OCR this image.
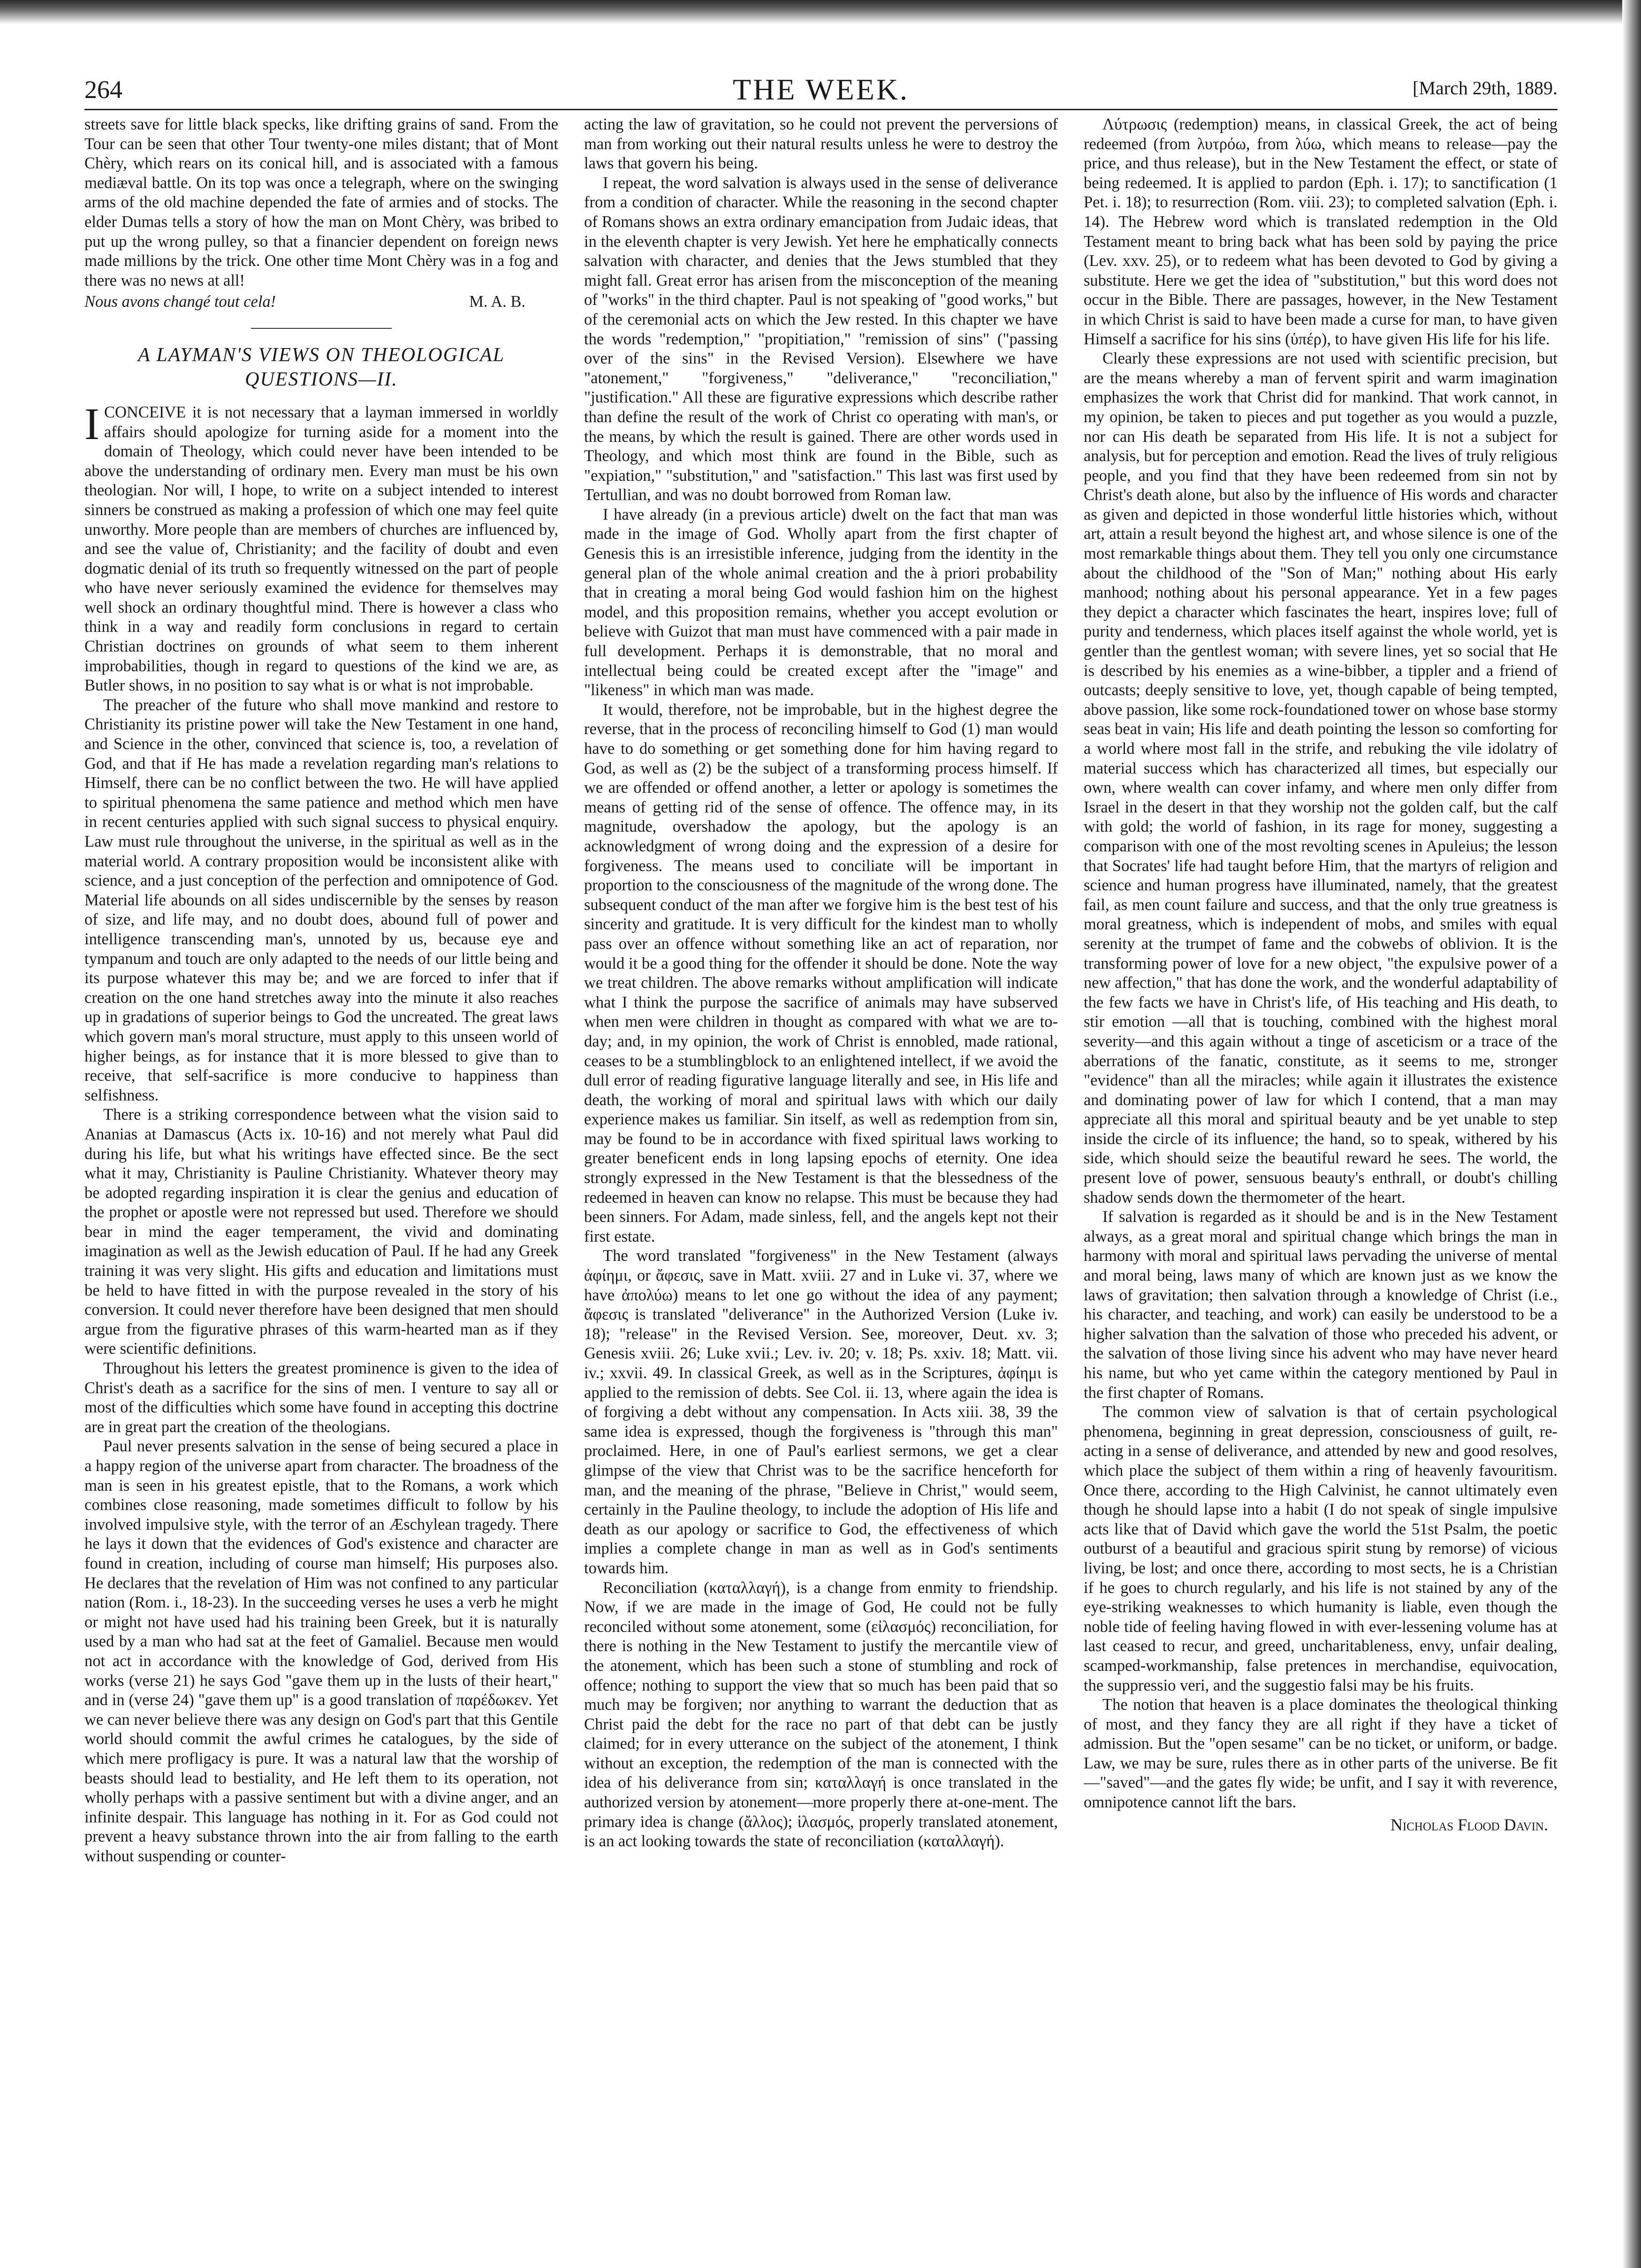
264	THE WEEK.	[March 29th, 1889.

streets save for little black specks, like drifting grains of sand. From the Tour can be seen that other Tour twenty-one miles distant; that of Mont Chèry, which rears on its conical hill, and is associated with a famous mediæval battle. On its top was once a telegraph, where on the swinging arms of the old machine depended the fate of armies and of stocks. The elder Dumas tells a story of how the man on Mont Chèry, was bribed to put up the wrong pulley, so that a financier dependent on foreign news made millions by the trick. One other time Mont Chèry was in a fog and there was no news at all!

Nous avons changé tout cela!	M. A. B.
A LAYMAN'S VIEWS ON THEOLOGICAL QUESTIONS—II.

ICONCEIVE it is not necessary that a layman immersed in worldly affairs should apologize for turning aside for a moment into the domain of Theology, which could never have been intended to be above the understanding of ordinary men. Every man must be his own theologian. Nor will, I hope, to write on a subject intended to interest sinners be construed as making a profession of which one may feel quite unworthy. More people than are members of churches are influenced by, and see the value of, Christianity; and the facility of doubt and even dogmatic denial of its truth so frequently witnessed on the part of people who have never seriously examined the evidence for themselves may well shock an ordinary thoughtful mind. There is however a class who think in a way and readily form conclusions in regard to certain Christian doctrines on grounds of what seem to them inherent improbabilities, though in regard to questions of the kind we are, as Butler shows, in no position to say what is or what is not improbable.

The preacher of the future who shall move mankind and restore to Christianity its pristine power will take the New Testament in one hand, and Science in the other, convinced that science is, too, a revelation of God, and that if He has made a revelation regarding man's relations to Himself, there can be no conflict between the two. He will have applied to spiritual phenomena the same patience and method which men have in recent centuries applied with such signal success to physical enquiry. Law must rule throughout the universe, in the spiritual as well as in the material world. A contrary proposition would be inconsistent alike with science, and a just conception of the perfection and omnipotence of God. Material life abounds on all sides undiscernible by the senses by reason of size, and life may, and no doubt does, abound full of power and intelligence transcending man's, unnoted by us, because eye and tympanum and touch are only adapted to the needs of our little being and its purpose whatever this may be; and we are forced to infer that if creation on the one hand stretches away into the minute it also reaches up in gradations of superior beings to God the uncreated. The great laws which govern man's moral structure, must apply to this unseen world of higher beings, as for instance that it is more blessed to give than to receive, that self-sacrifice is more conducive to happiness than selfishness.

There is a striking correspondence between what the vision said to Ananias at Damascus (Acts ix. 10-16) and not merely what Paul did during his life, but what his writings have effected since. Be the sect what it may, Christianity is Pauline Christianity. Whatever theory may be adopted regarding inspiration it is clear the genius and education of the prophet or apostle were not repressed but used. Therefore we should bear in mind the eager temperament, the vivid and dominating imagination as well as the Jewish education of Paul. If he had any Greek training it was very slight. His gifts and education and limitations must be held to have fitted in with the purpose revealed in the story of his conversion. It could never therefore have been designed that men should argue from the figurative phrases of this warm-hearted man as if they were scientific definitions.

Throughout his letters the greatest prominence is given to the idea of Christ's death as a sacrifice for the sins of men. I venture to say all or most of the difficulties which some have found in accepting this doctrine are in great part the creation of the theologians.

Paul never presents salvation in the sense of being secured a place in a happy region of the universe apart from character. The broadness of the man is seen in his greatest epistle, that to the Romans, a work which combines close reasoning, made sometimes difficult to follow by his involved impulsive style, with the terror of an Æschylean tragedy. There he lays it down that the evidences of God's existence and character are found in creation, including of course man himself; His purposes also. He declares that the revelation of Him was not confined to any particular nation (Rom. i., 18-23). In the succeeding verses he uses a verb he might or might not have used had his training been Greek, but it is naturally used by a man who had sat at the feet of Gamaliel. Because men would not act in accordance with the knowledge of God, derived from His works (verse 21) he says God "gave them up in the lusts of their heart," and in (verse 24) "gave them up" is a good translation of παρέδωκεν. Yet we can never believe there was any design on God's part that this Gentile world should commit the awful crimes he catalogues, by the side of which mere profligacy is pure. It was a natural law that the worship of beasts should lead to bestiality, and He left them to its operation, not wholly perhaps with a passive sentiment but with a divine anger, and an infinite despair. This language has nothing in it. For as God could not prevent a heavy substance thrown into the air from falling to the earth without suspending or counter-

acting the law of gravitation, so he could not prevent the perversions of man from working out their natural results unless he were to destroy the laws that govern his being.

I repeat, the word salvation is always used in the sense of deliverance from a condition of character. While the reasoning in the second chapter of Romans shows an extra ordinary emancipation from Judaic ideas, that in the eleventh chapter is very Jewish. Yet here he emphatically connects salvation with character, and denies that the Jews stumbled that they might fall. Great error has arisen from the misconception of the meaning of "works" in the third chapter. Paul is not speaking of "good works," but of the ceremonial acts on which the Jew rested. In this chapter we have the words "redemption," "propitiation," "remission of sins" ("passing over of the sins" in the Revised Version). Elsewhere we have "atonement," "forgiveness," "deliverance," "reconciliation," "justification." All these are figurative expressions which describe rather than define the result of the work of Christ co operating with man's, or the means, by which the result is gained. There are other words used in Theology, and which most think are found in the Bible, such as "expiation," "substitution," and "satisfaction." This last was first used by Tertullian, and was no doubt borrowed from Roman law.

I have already (in a previous article) dwelt on the fact that man was made in the image of God. Wholly apart from the first chapter of Genesis this is an irresistible inference, judging from the identity in the general plan of the whole animal creation and the à priori probability that in creating a moral being God would fashion him on the highest model, and this proposition remains, whether you accept evolution or believe with Guizot that man must have commenced with a pair made in full development. Perhaps it is demonstrable, that no moral and intellectual being could be created except after the "image" and "likeness" in which man was made.

It would, therefore, not be improbable, but in the highest degree the reverse, that in the process of reconciling himself to God (1) man would have to do something or get something done for him having regard to God, as well as (2) be the subject of a transforming process himself. If we are offended or offend another, a letter or apology is sometimes the means of getting rid of the sense of offence. The offence may, in its magnitude, overshadow the apology, but the apology is an acknowledgment of wrong doing and the expression of a desire for forgiveness. The means used to conciliate will be important in proportion to the consciousness of the magnitude of the wrong done. The subsequent conduct of the man after we forgive him is the best test of his sincerity and gratitude. It is very difficult for the kindest man to wholly pass over an offence without something like an act of reparation, nor would it be a good thing for the offender it should be done. Note the way we treat children. The above remarks without amplification will indicate what I think the purpose the sacrifice of animals may have subserved when men were children in thought as compared with what we are to-day; and, in my opinion, the work of Christ is ennobled, made rational, ceases to be a stumblingblock to an enlightened intellect, if we avoid the dull error of reading figurative language literally and see, in His life and death, the working of moral and spiritual laws with which our daily experience makes us familiar. Sin itself, as well as redemption from sin, may be found to be in accordance with fixed spiritual laws working to greater beneficent ends in long lapsing epochs of eternity. One idea strongly expressed in the New Testament is that the blessedness of the redeemed in heaven can know no relapse. This must be because they had been sinners. For Adam, made sinless, fell, and the angels kept not their first estate.

The word translated "forgiveness" in the New Testament (always ἀφίημι, or ἄφεσις, save in Matt. xviii. 27 and in Luke vi. 37, where we have ἀπολύω) means to let one go without the idea of any payment; ἄφεσις is translated "deliverance" in the Authorized Version (Luke iv. 18); "release" in the Revised Version. See, moreover, Deut. xv. 3; Genesis xviii. 26; Luke xvii.; Lev. iv. 20; v. 18; Ps. xxiv. 18; Matt. vii. iv.; xxvii. 49. In classical Greek, as well as in the Scriptures, ἀφίημι is applied to the remission of debts. See Col. ii. 13, where again the idea is of forgiving a debt without any compensation. In Acts xiii. 38, 39 the same idea is expressed, though the forgiveness is "through this man" proclaimed. Here, in one of Paul's earliest sermons, we get a clear glimpse of the view that Christ was to be the sacrifice henceforth for man, and the meaning of the phrase, "Believe in Christ," would seem, certainly in the Pauline theology, to include the adoption of His life and death as our apology or sacrifice to God, the effectiveness of which implies a complete change in man as well as in God's sentiments towards him.

Reconciliation (καταλλαγή), is a change from enmity to friendship. Now, if we are made in the image of God, He could not be fully reconciled without some atonement, some (εἰλασμός) reconciliation, for there is nothing in the New Testament to justify the mercantile view of the atonement, which has been such a stone of stumbling and rock of offence; nothing to support the view that so much has been paid that so much may be forgiven; nor anything to warrant the deduction that as Christ paid the debt for the race no part of that debt can be justly claimed; for in every utterance on the subject of the atonement, I think without an exception, the redemption of the man is connected with the idea of his deliverance from sin; καταλλαγή is once translated in the authorized version by atonement—more properly there at-one-ment. The primary idea is change (ἄλλος); ἱλασμός, properly translated atonement, is an act looking towards the state of reconciliation (καταλλαγή).

Λύτρωσις (redemption) means, in classical Greek, the act of being redeemed (from λυτρόω, from λύω, which means to release—pay the price, and thus release), but in the New Testament the effect, or state of being redeemed. It is applied to pardon (Eph. i. 17); to sanctification (1 Pet. i. 18); to resurrection (Rom. viii. 23); to completed salvation (Eph. i. 14). The Hebrew word which is translated redemption in the Old Testament meant to bring back what has been sold by paying the price (Lev. xxv. 25), or to redeem what has been devoted to God by giving a substitute. Here we get the idea of "substitution," but this word does not occur in the Bible. There are passages, however, in the New Testament in which Christ is said to have been made a curse for man, to have given Himself a sacrifice for his sins (ὑπέρ), to have given His life for his life.

Clearly these expressions are not used with scientific precision, but are the means whereby a man of fervent spirit and warm imagination emphasizes the work that Christ did for mankind. That work cannot, in my opinion, be taken to pieces and put together as you would a puzzle, nor can His death be separated from His life. It is not a subject for analysis, but for perception and emotion. Read the lives of truly religious people, and you find that they have been redeemed from sin not by Christ's death alone, but also by the influence of His words and character as given and depicted in those wonderful little histories which, without art, attain a result beyond the highest art, and whose silence is one of the most remarkable things about them. They tell you only one circumstance about the childhood of the "Son of Man;" nothing about His early manhood; nothing about his personal appearance. Yet in a few pages they depict a character which fascinates the heart, inspires love; full of purity and tenderness, which places itself against the whole world, yet is gentler than the gentlest woman; with severe lines, yet so social that He is described by his enemies as a wine-bibber, a tippler and a friend of outcasts; deeply sensitive to love, yet, though capable of being tempted, above passion, like some rock-foundationed tower on whose base stormy seas beat in vain; His life and death pointing the lesson so comforting for a world where most fall in the strife, and rebuking the vile idolatry of material success which has characterized all times, but especially our own, where wealth can cover infamy, and where men only differ from Israel in the desert in that they worship not the golden calf, but the calf with gold; the world of fashion, in its rage for money, suggesting a comparison with one of the most revolting scenes in Apuleius; the lesson that Socrates' life had taught before Him, that the martyrs of religion and science and human progress have illuminated, namely, that the greatest fail, as men count failure and success, and that the only true greatness is moral greatness, which is independent of mobs, and smiles with equal serenity at the trumpet of fame and the cobwebs of oblivion. It is the transforming power of love for a new object, "the expulsive power of a new affection," that has done the work, and the wonderful adaptability of the few facts we have in Christ's life, of His teaching and His death, to stir emotion —all that is touching, combined with the highest moral severity—and this again without a tinge of asceticism or a trace of the aberrations of the fanatic, constitute, as it seems to me, stronger "evidence" than all the miracles; while again it illustrates the existence and dominating power of law for which I contend, that a man may appreciate all this moral and spiritual beauty and be yet unable to step inside the circle of its influence; the hand, so to speak, withered by his side, which should seize the beautiful reward he sees. The world, the present love of power, sensuous beauty's enthrall, or doubt's chilling shadow sends down the thermometer of the heart.

If salvation is regarded as it should be and is in the New Testament always, as a great moral and spiritual change which brings the man in harmony with moral and spiritual laws pervading the universe of mental and moral being, laws many of which are known just as we know the laws of gravitation; then salvation through a knowledge of Christ (i.e., his character, and teaching, and work) can easily be understood to be a higher salvation than the salvation of those who preceded his advent, or the salvation of those living since his advent who may have never heard his name, but who yet came within the category mentioned by Paul in the first chapter of Romans.

The common view of salvation is that of certain psychological phenomena, beginning in great depression, consciousness of guilt, re-acting in a sense of deliverance, and attended by new and good resolves, which place the subject of them within a ring of heavenly favouritism. Once there, according to the High Calvinist, he cannot ultimately even though he should lapse into a habit (I do not speak of single impulsive acts like that of David which gave the world the 51st Psalm, the poetic outburst of a beautiful and gracious spirit stung by remorse) of vicious living, be lost; and once there, according to most sects, he is a Christian if he goes to church regularly, and his life is not stained by any of the eye-striking weaknesses to which humanity is liable, even though the noble tide of feeling having flowed in with ever-lessening volume has at last ceased to recur, and greed, uncharitableness, envy, unfair dealing, scamped-workmanship, false pretences in merchandise, equivocation, the suppressio veri, and the suggestio falsi may be his fruits.

The notion that heaven is a place dominates the theological thinking of most, and they fancy they are all right if they have a ticket of admission. But the "open sesame" can be no ticket, or uniform, or badge. Law, we may be sure, rules there as in other parts of the universe. Be fit —"saved"—and the gates fly wide; be unfit, and I say it with reverence, omnipotence cannot lift the bars.

Nicholas Flood Davin.
